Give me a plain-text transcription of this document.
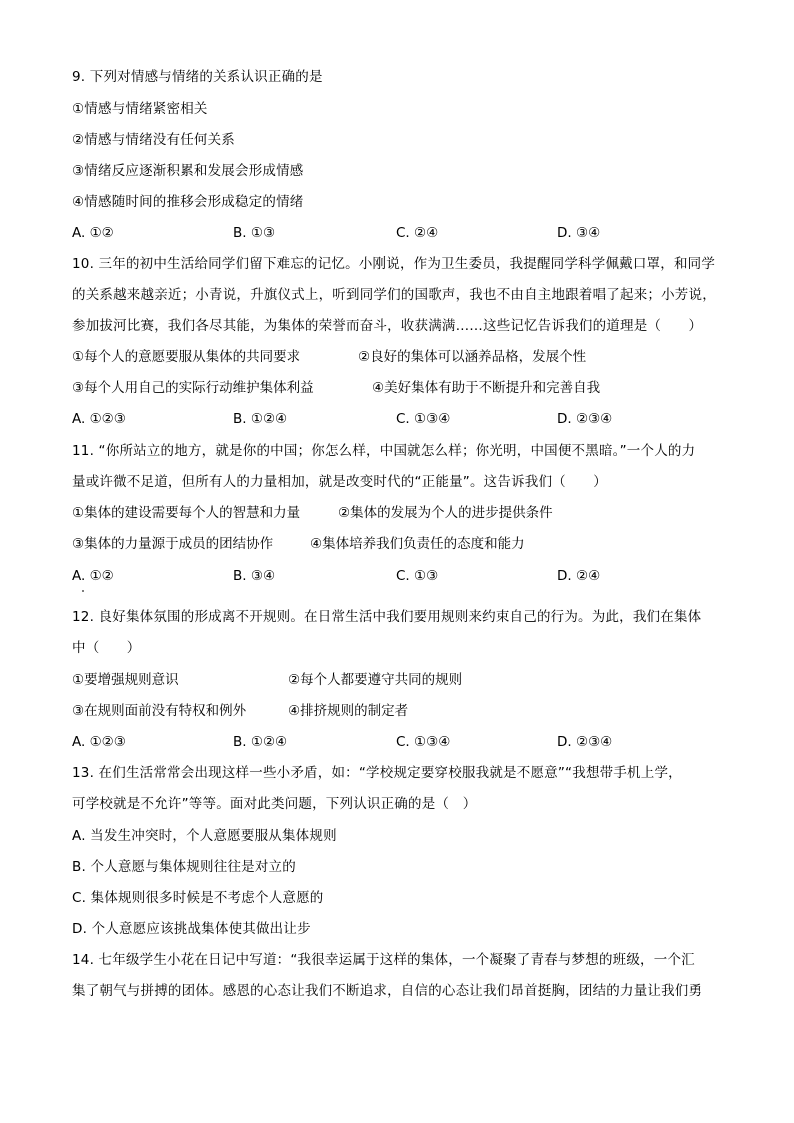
9. 下列对情感与情绪的关系认识正确的是
①情感与情绪紧密相关
②情感与情绪没有任何关系
③情绪反应逐渐积累和发展会形成情感
④情感随时间的推移会形成稳定的情绪
A. ①②	B. ①③	C. ②④	D. ③④
10. 三年的初中生活给同学们留下难忘的记忆。小刚说，作为卫生委员，我提醒同学科学佩戴口罩，和同学
的关系越来越亲近；小青说，升旗仪式上，听到同学们的国歌声，我也不由自主地跟着唱了起来；小芳说，
参加拔河比赛，我们各尽其能，为集体的荣誉而奋斗，收获满满……这些记忆告诉我们的道理是（　　）
①每个人的意愿要服从集体的共同要求	②良好的集体可以涵养品格，发展个性
③每个人用自己的实际行动维护集体利益	④美好集体有助于不断提升和完善自我
A. ①②③	B. ①②④	C. ①③④	D. ②③④
11. “你所站立的地方，就是你的中国；你怎么样，中国就怎么样；你光明，中国便不黑暗。”一个人的力
量或许微不足道，但所有人的力量相加，就是改变时代的“正能量”。这告诉我们（　　）
①集体的建设需要每个人的智慧和力量	②集体的发展为个人的进步提供条件
③集体的力量源于成员的团结协作	④集体培养我们负责任的态度和能力
A. ①②	B. ③④	C. ①③	D. ②④
12. 良好集体氛围的形成离不开规则。在日常生活中我们要用规则来约束自己的行为。为此，我们在集体
中（　　）
①要增强规则意识	②每个人都要遵守共同的规则
③在规则面前没有特权和例外	④排挤规则的制定者
A. ①②③	B. ①②④	C. ①③④	D. ②③④
13. 在们生活常常会出现这样一些小矛盾，如：“学校规定要穿校服我就是不愿意”“我想带手机上学，
可学校就是不允许”等等。面对此类问题，下列认识正确的是（　）
A. 当发生冲突时，个人意愿要服从集体规则
B. 个人意愿与集体规则往往是对立的
C. 集体规则很多时候是不考虑个人意愿的
D. 个人意愿应该挑战集体使其做出让步
14. 七年级学生小花在日记中写道：“我很幸运属于这样的集体，一个凝聚了青春与梦想的班级，一个汇
集了朝气与拼搏的团体。感恩的心态让我们不断追求，自信的心态让我们昂首挺胸，团结的力量让我们勇
